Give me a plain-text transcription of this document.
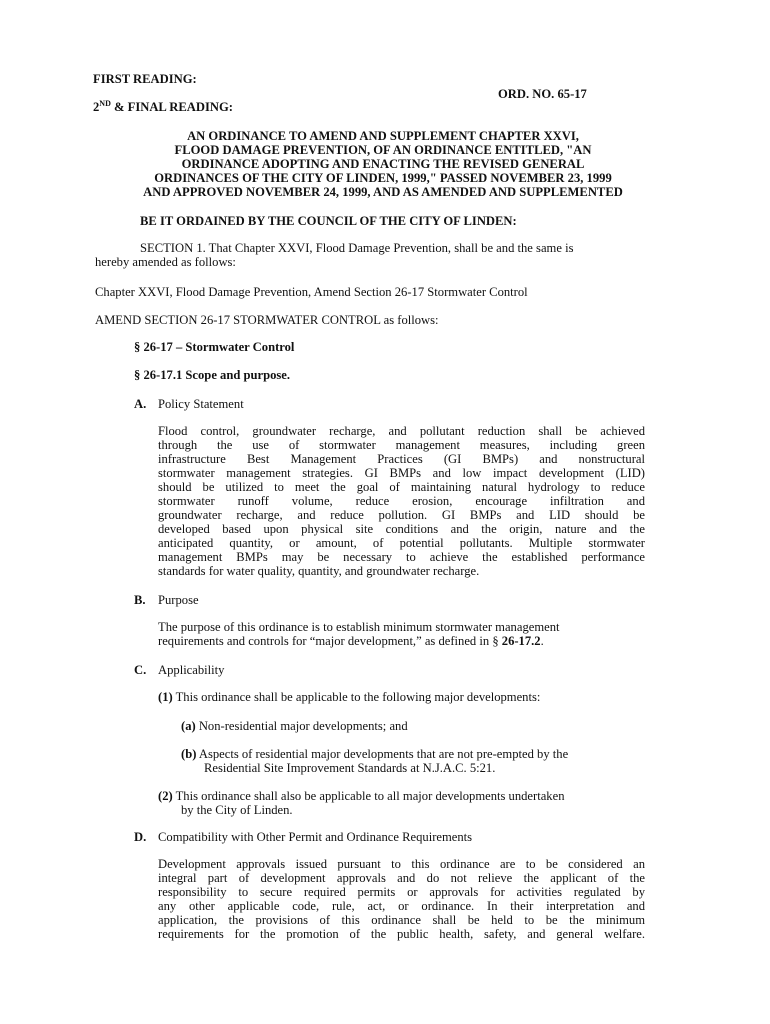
FIRST READING:
ORD. NO. 65-17
2ND & FINAL READING:
AN ORDINANCE TO AMEND AND SUPPLEMENT CHAPTER XXVI,
FLOOD DAMAGE PREVENTION, OF AN ORDINANCE ENTITLED, "AN
ORDINANCE ADOPTING AND ENACTING THE REVISED GENERAL
ORDINANCES OF THE CITY OF LINDEN, 1999," PASSED NOVEMBER 23, 1999
AND APPROVED NOVEMBER 24, 1999, AND AS AMENDED AND SUPPLEMENTED
BE IT ORDAINED BY THE COUNCIL OF THE CITY OF LINDEN:
SECTION 1. That Chapter XXVI, Flood Damage Prevention, shall be and the same is
hereby amended as follows:
Chapter XXVI, Flood Damage Prevention, Amend Section 26-17 Stormwater Control
AMEND SECTION 26-17 STORMWATER CONTROL as follows:
§ 26-17 – Stormwater Control
§ 26-17.1 Scope and purpose.
A. Policy Statement
Flood control, groundwater recharge, and pollutant reduction shall be achieved
through the use of stormwater management measures, including green
infrastructure Best Management Practices (GI BMPs) and nonstructural
stormwater management strategies. GI BMPs and low impact development (LID)
should be utilized to meet the goal of maintaining natural hydrology to reduce
stormwater runoff volume, reduce erosion, encourage infiltration and
groundwater recharge, and reduce pollution. GI BMPs and LID should be
developed based upon physical site conditions and the origin, nature and the
anticipated quantity, or amount, of potential pollutants. Multiple stormwater
management BMPs may be necessary to achieve the established performance
standards for water quality, quantity, and groundwater recharge.
B. Purpose
The purpose of this ordinance is to establish minimum stormwater management
requirements and controls for “major development,” as defined in § 26-17.2.
C. Applicability
(1) This ordinance shall be applicable to the following major developments:
(a) Non-residential major developments; and
(b) Aspects of residential major developments that are not pre-empted by the
Residential Site Improvement Standards at N.J.A.C. 5:21.
(2) This ordinance shall also be applicable to all major developments undertaken
by the City of Linden.
D. Compatibility with Other Permit and Ordinance Requirements
Development approvals issued pursuant to this ordinance are to be considered an
integral part of development approvals and do not relieve the applicant of the
responsibility to secure required permits or approvals for activities regulated by
any other applicable code, rule, act, or ordinance. In their interpretation and
application, the provisions of this ordinance shall be held to be the minimum
requirements for the promotion of the public health, safety, and general welfare.
